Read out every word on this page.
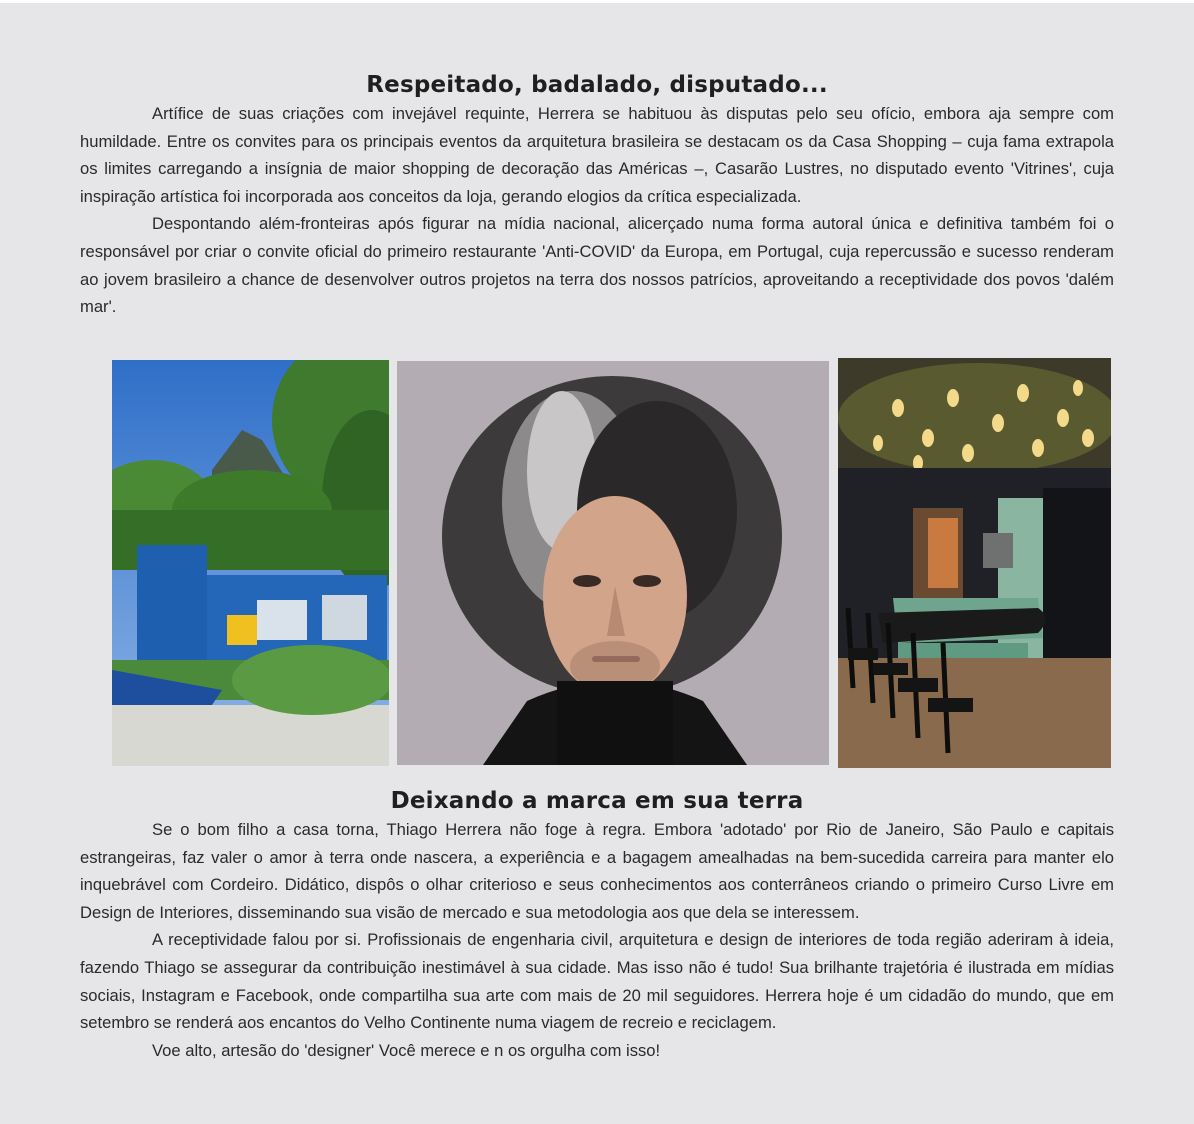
Respeitado, badalado, disputado...

Artífice de suas criações com invejável requinte, Herrera se habituou às disputas pelo seu ofício, embora aja sempre com humildade. Entre os convites para os principais eventos da arquitetura brasileira se destacam os da Casa Shopping – cuja fama extrapola os limites carregando a insígnia de maior shopping de decoração das Américas –, Casarão Lustres, no disputado evento 'Vitrines', cuja inspiração artística foi incorporada aos conceitos da loja, gerando elogios da crítica especializada.

Despontando além-fronteiras após figurar na mídia nacional, alicerçado numa forma autoral única e definitiva também foi o responsável por criar o convite oficial do primeiro restaurante 'Anti-COVID' da Europa, em Portugal, cuja repercussão e sucesso renderam ao jovem brasileiro a chance de desenvolver outros projetos na terra dos nossos patrícios, aproveitando a receptividade dos povos 'dalém mar'.

Deixando a marca em sua terra

Se o bom filho a casa torna, Thiago Herrera não foge à regra. Embora 'adotado' por Rio de Janeiro, São Paulo e capitais estrangeiras, faz valer o amor à terra onde nascera, a experiência e a bagagem amealhadas na bem-sucedida carreira para manter elo inquebrável com Cordeiro. Didático, dispôs o olhar criterioso e seus conhecimentos aos conterrâneos criando o primeiro Curso Livre em Design de Interiores, disseminando sua visão de mercado e sua metodologia aos que dela se interessem.

A receptividade falou por si. Profissionais de engenharia civil, arquitetura e design de interiores de toda região aderiram à ideia, fazendo Thiago se assegurar da contribuição inestimável à sua cidade. Mas isso não é tudo! Sua brilhante trajetória é ilustrada em mídias sociais, Instagram e Facebook, onde compartilha sua arte com mais de 20 mil seguidores. Herrera hoje é um cidadão do mundo, que em setembro se renderá aos encantos do Velho Continente numa viagem de recreio e reciclagem.

Voe alto, artesão do 'designer' Você merece e n os orgulha com isso!
